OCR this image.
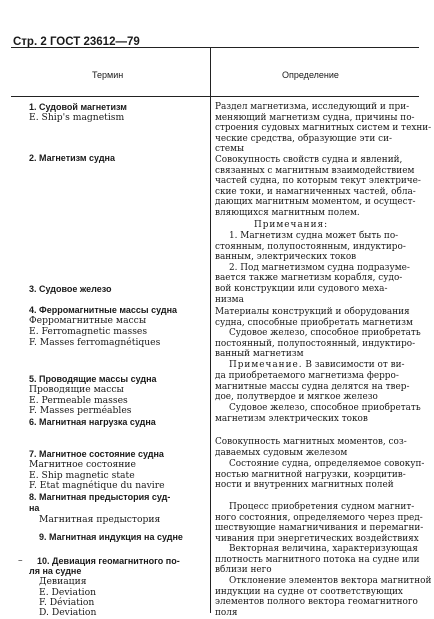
Стр. 2 ГОСТ 23612—79
Термин	Определение
1. Судовой магнетизм
E. Ship's magnetism
2. Магнетизм судна
3. Судовое железо
4. Ферромагнитные массы судна
Ферромагнитные массы
E. Ferromagnetic masses
F. Masses ferromagnétiques
5. Проводящие массы судна
Проводящие массы
E. Permeable masses
F. Masses perméables
6. Магнитная нагрузка судна
7. Магнитное состояние судна
Магнитное состояние
E. Ship magnetic state
F. Etat magnétique du navire
8. Магнитная предыстория суд-
на
Магнитная предыстория
9. Магнитная индукция на судне
– 10. Девиация геомагнитного по-
ля на судне
Девиация
E. Deviation
F. Déviation
D. Deviation
Раздел магнетизма, исследующий и при-
меняющий магнетизм судна, причины по-
строения судовых магнитных систем и техни-
ческие средства, образующие эти си-
стемы
Совокупность свойств судна и явлений,
связанных с магнитным взаимодействием
частей судна, по которым текут электриче-
ские токи, и намагниченных частей, обла-
дающих магнитным моментом, и осущест-
вляющихся магнитным полем.
Примечания:
1. Магнетизм судна может быть по-
стоянным, полупостоянным, индуктиро-
ванным, электрических токов
2. Под магнетизмом судна подразуме-
вается также магнетизм корабля, судо-
вой конструкции или судового меха-
низма
Материалы конструкций и оборудования
судна, способные приобретать магнетизм
Судовое железо, способное приобретать
постоянный, полупостоянный, индуктиро-
ванный магнетизм
Примечание. В зависимости от ви-
да приобретаемого магнетизма ферро-
магнитные массы судна делятся на твер-
дое, полутвердое и мягкое железо
Судовое железо, способное приобретать
магнетизм электрических токов
Совокупность магнитных моментов, соз-
даваемых судовым железом
Состояние судна, определяемое совокуп-
ностью магнитной нагрузки, коэрцитив-
ности и внутренних магнитных полей
Процесс приобретения судном магнит-
ного состояния, определяемого через пред-
шествующие намагничивания и перемагни-
чивания при энергетических воздействиях
Векторная величина, характеризующая
плотность магнитного потока на судне или
вблизи него
Отклонение элементов вектора магнитной
индукции на судне от соответствующих
элементов полного вектора геомагнитного
поля
